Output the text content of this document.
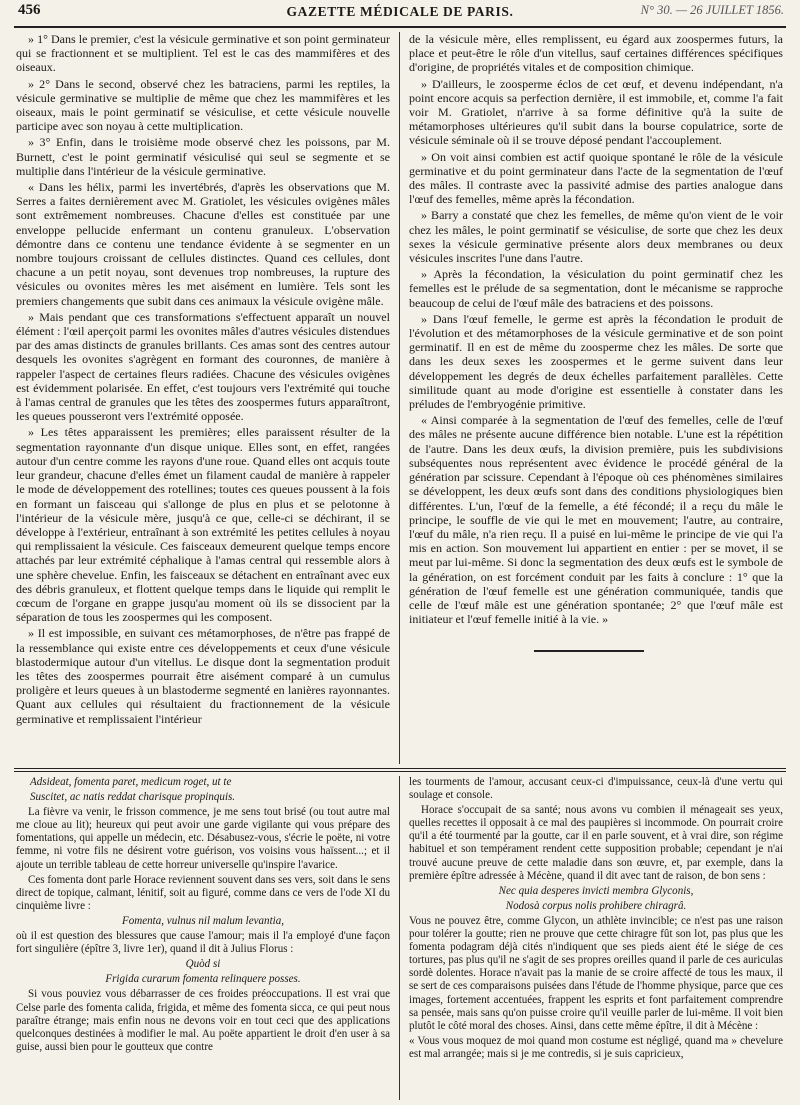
456	GAZETTE MÉDICALE DE PARIS.	N° 30. — 26 JUILLET 1856.

» 1° Dans le premier, c'est la vésicule germinative et son point germinateur qui se fractionnent et se multiplient. Tel est le cas des mammifères et des oiseaux.

» 2° Dans le second, observé chez les batraciens, parmi les reptiles, la vésicule germinative se multiplie de même que chez les mammifères et les oiseaux, mais le point germinatif se vésiculise, et cette vésicule nouvelle participe avec son noyau à cette multiplication.

» 3° Enfin, dans le troisième mode observé chez les poissons, par M. Burnett, c'est le point germinatif vésiculisé qui seul se segmente et se multiplie dans l'intérieur de la vésicule germinative.

« Dans les hélix, parmi les invertébrés, d'après les observations que M. Serres a faites dernièrement avec M. Gratiolet, les vésicules ovigènes mâles sont extrêmement nombreuses. Chacune d'elles est constituée par une enveloppe pellucide enfermant un contenu granuleux. L'observation démontre dans ce contenu une tendance évidente à se segmenter en un nombre toujours croissant de cellules distinctes. Quand ces cellules, dont chacune a un petit noyau, sont devenues trop nombreuses, la rupture des vésicules ou ovonites mères les met aisément en lumière. Tels sont les premiers changements que subit dans ces animaux la vésicule ovigène mâle.

» Mais pendant que ces transformations s'effectuent apparaît un nouvel élément : l'œil aperçoit parmi les ovonites mâles d'autres vésicules distendues par des amas distincts de granules brillants. Ces amas sont des centres autour desquels les ovonites s'agrègent en formant des couronnes, de manière à rappeler l'aspect de certaines fleurs radiées. Chacune des vésicules ovigènes est évidemment polarisée. En effet, c'est toujours vers l'extrémité qui touche à l'amas central de granules que les têtes des zoospermes futurs apparaîtront, les queues pousseront vers l'extrémité opposée.

» Les têtes apparaissent les premières; elles paraissent résulter de la segmentation rayonnante d'un disque unique. Elles sont, en effet, rangées autour d'un centre comme les rayons d'une roue. Quand elles ont acquis toute leur grandeur, chacune d'elles émet un filament caudal de manière à rappeler le mode de développement des rotellines; toutes ces queues poussent à la fois en formant un faisceau qui s'allonge de plus en plus et se pelotonne à l'intérieur de la vésicule mère, jusqu'à ce que, celle-ci se déchirant, il se développe à l'extérieur, entraînant à son extrémité les petites cellules à noyau qui remplissaient la vésicule. Ces faisceaux demeurent quelque temps encore attachés par leur extrémité céphalique à l'amas central qui ressemble alors à une sphère chevelue. Enfin, les faisceaux se détachent en entraînant avec eux des débris granuleux, et flottent quelque temps dans le liquide qui remplit le cœcum de l'organe en grappe jusqu'au moment où ils se dissocient par la séparation de tous les zoospermes qui les composent.

» Il est impossible, en suivant ces métamorphoses, de n'être pas frappé de la ressemblance qui existe entre ces développements et ceux d'une vésicule blastodermique autour d'un vitellus. Le disque dont la segmentation produit les têtes des zoospermes pourrait être aisément comparé à un cumulus proligère et leurs queues à un blastoderme segmenté en lanières rayonnantes. Quant aux cellules qui résultaient du fractionnement de la vésicule germinative et remplissaient l'intérieur

de la vésicule mère, elles remplissent, eu égard aux zoospermes futurs, la place et peut-être le rôle d'un vitellus, sauf certaines différences spécifiques d'origine, de propriétés vitales et de composition chimique.

» D'ailleurs, le zoosperme éclos de cet œuf, et devenu indépendant, n'a point encore acquis sa perfection dernière, il est immobile, et, comme l'a fait voir M. Gratiolet, n'arrive à sa forme définitive qu'à la suite de métamorphoses ultérieures qu'il subit dans la bourse copulatrice, sorte de vésicule séminale où il se trouve déposé pendant l'accouplement.

» On voit ainsi combien est actif quoique spontané le rôle de la vésicule germinative et du point germinateur dans l'acte de la segmentation de l'œuf des mâles. Il contraste avec la passivité admise des parties analogue dans l'œuf des femelles, même après la fécondation.

» Barry a constaté que chez les femelles, de même qu'on vient de le voir chez les mâles, le point germinatif se vésiculise, de sorte que chez les deux sexes la vésicule germinative présente alors deux membranes ou deux vésicules inscrites l'une dans l'autre.

» Après la fécondation, la vésiculation du point germinatif chez les femelles est le prélude de sa segmentation, dont le mécanisme se rapproche beaucoup de celui de l'œuf mâle des batraciens et des poissons.

» Dans l'œuf femelle, le germe est après la fécondation le produit de l'évolution et des métamorphoses de la vésicule germinative et de son point germinatif. Il en est de même du zoosperme chez les mâles. De sorte que dans les deux sexes les zoospermes et le germe suivent dans leur développement les degrés de deux échelles parfaitement parallèles. Cette similitude quant au mode d'origine est essentielle à constater dans les préludes de l'embryogénie primitive.

« Ainsi comparée à la segmentation de l'œuf des femelles, celle de l'œuf des mâles ne présente aucune différence bien notable. L'une est la répétition de l'autre. Dans les deux œufs, la division première, puis les subdivisions subséquentes nous représentent avec évidence le procédé général de la génération par scissure. Cependant à l'époque où ces phénomènes similaires se développent, les deux œufs sont dans des conditions physiologiques bien différentes. L'un, l'œuf de la femelle, a été fécondé; il a reçu du mâle le principe, le souffle de vie qui le met en mouvement; l'autre, au contraire, l'œuf du mâle, n'a rien reçu. Il a puisé en lui-même le principe de vie qui l'a mis en action. Son mouvement lui appartient en entier : per se movet, il se meut par lui-même. Si donc la segmentation des deux œufs est le symbole de la génération, on est forcément conduit par les faits à conclure : 1° que la génération de l'œuf femelle est une génération communiquée, tandis que celle de l'œuf mâle est une génération spontanée; 2° que l'œuf mâle est initiateur et l'œuf femelle initié à la vie. »

Adsideat, fomenta paret, medicum roget, ut te

Suscitet, ac natis reddat charisque propinquis.

La fièvre va venir, le frisson commence, je me sens tout brisé (ou tout autre mal me cloue au lit); heureux qui peut avoir une garde vigilante qui vous prépare des fomentations, qui appelle un médecin, etc. Désabusez-vous, s'écrie le poëte, ni votre femme, ni votre fils ne désirent votre guérison, vos voisins vous haïssent...; et il ajoute un terrible tableau de cette horreur universelle qu'inspire l'avarice.

Ces fomenta dont parle Horace reviennent souvent dans ses vers, soit dans le sens direct de topique, calmant, lénitif, soit au figuré, comme dans ce vers de l'ode XI du cinquième livre :

Fomenta, vulnus nil malum levantia,

où il est question des blessures que cause l'amour; mais il l'a employé d'une façon fort singulière (épître 3, livre 1er), quand il dit à Julius Florus :

Quòd si

Frigida curarum fomenta relinquere posses.

Si vous pouviez vous débarrasser de ces froides préoccupations. Il est vrai que Celse parle des fomenta calida, frigida, et même des fomenta sicca, ce qui peut nous paraître étrange; mais enfin nous ne devons voir en tout ceci que des applications quelconques destinées à modifier le mal. Au poëte appartient le droit d'en user à sa guise, aussi bien pour le goutteux que contre

les tourments de l'amour, accusant ceux-ci d'impuissance, ceux-là d'une vertu qui soulage et console.

Horace s'occupait de sa santé; nous avons vu combien il ménageait ses yeux, quelles recettes il opposait à ce mal des paupières si incommode. On pourrait croire qu'il a été tourmenté par la goutte, car il en parle souvent, et à vrai dire, son régime habituel et son tempérament rendent cette supposition probable; cependant je n'ai trouvé aucune preuve de cette maladie dans son œuvre, et, par exemple, dans la première épître adressée à Mécène, quand il dit avec tant de raison, de bon sens :

Nec quia desperes invicti membra Glyconis,

Nodosà corpus nolis prohibere chiragrâ.

Vous ne pouvez être, comme Glycon, un athlète invincible; ce n'est pas une raison pour tolérer la goutte; rien ne prouve que cette chiragre fût son lot, pas plus que les fomenta podagram déjà cités n'indiquent que ses pieds aient été le siége de ces tortures, pas plus qu'il ne s'agit de ses propres oreilles quand il parle de ces auriculas sordè dolentes. Horace n'avait pas la manie de se croire affecté de tous les maux, il se sert de ces comparaisons puisées dans l'étude de l'homme physique, parce que ces images, fortement accentuées, frappent les esprits et font parfaitement comprendre sa pensée, mais sans qu'on puisse croire qu'il veuille parler de lui-même. Il voit bien plutôt le côté moral des choses. Ainsi, dans cette même épître, il dit à Mécène :

« Vous vous moquez de moi quand mon costume est négligé, quand ma » chevelure est mal arrangée; mais si je me contredis, si je suis capricieux,
